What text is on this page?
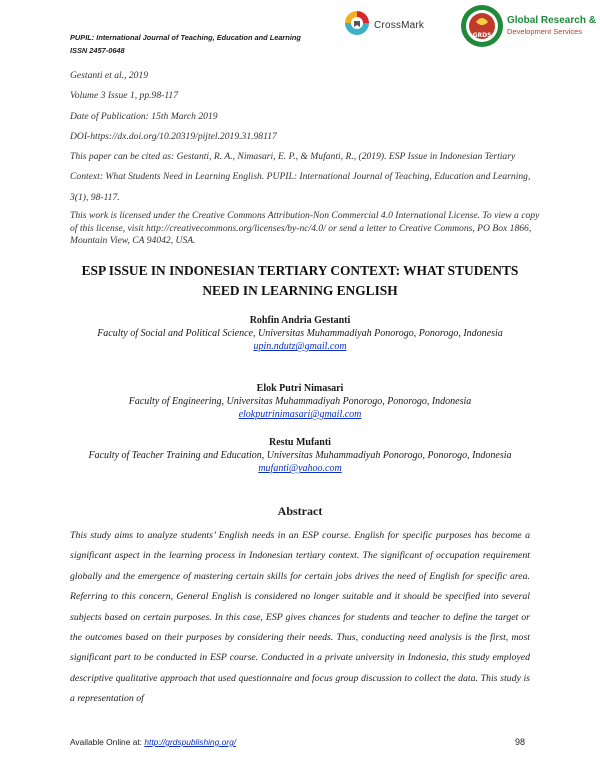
PUPIL: International Journal of Teaching, Education and Learning
ISSN 2457-0648
CrossMark
GRDS
Global Research &
Development Services
Gestanti et al., 2019
Volume 3 Issue 1, pp.98-117
Date of Publication: 15th March 2019
DOI-https://dx.doi.org/10.20319/pijtel.2019.31.98117
This paper can be cited as: Gestanti, R. A., Nimasari, E. P., & Mufanti, R., (2019). ESP Issue in Indonesian Tertiary Context: What Students Need in Learning English. PUPIL: International Journal of Teaching, Education and Learning, 3(1), 98-117.
This work is licensed under the Creative Commons Attribution-Non Commercial 4.0 International License. To view a copy of this license, visit http://creativecommons.org/licenses/by-nc/4.0/ or send a letter to Creative Commons, PO Box 1866, Mountain View, CA 94042, USA.
ESP ISSUE IN INDONESIAN TERTIARY CONTEXT: WHAT STUDENTS NEED IN LEARNING ENGLISH
Rohfin Andria Gestanti
Faculty of Social and Political Science, Universitas Muhammadiyah Ponorogo, Ponorogo, Indonesia
upin.ndutz@gmail.com
Elok Putri Nimasari
Faculty of Engineering, Universitas Muhammadiyah Ponorogo, Ponorogo, Indonesia
elokputrinimasari@gmail.com
Restu Mufanti
Faculty of Teacher Training and Education, Universitas Muhammadiyah Ponorogo, Ponorogo, Indonesia
mufanti@yahoo.com
Abstract
This study aims to analyze students’ English needs in an ESP course. English for specific purposes has become a significant aspect in the learning process in Indonesian tertiary context. The significant of occupation requirement globally and the emergence of mastering certain skills for certain jobs drives the need of English for specific area. Referring to this concern, General English is considered no longer suitable and it should be specified into several subjects based on certain purposes. In this case, ESP gives chances for students and teacher to define the target or the outcomes based on their purposes by considering their needs. Thus, conducting need analysis is the first, most significant part to be conducted in ESP course. Conducted in a private university in Indonesia, this study employed descriptive qualitative approach that used questionnaire and focus group discussion to collect the data. This study is a representation of
Available Online at: http://grdspublishing.org/	98
